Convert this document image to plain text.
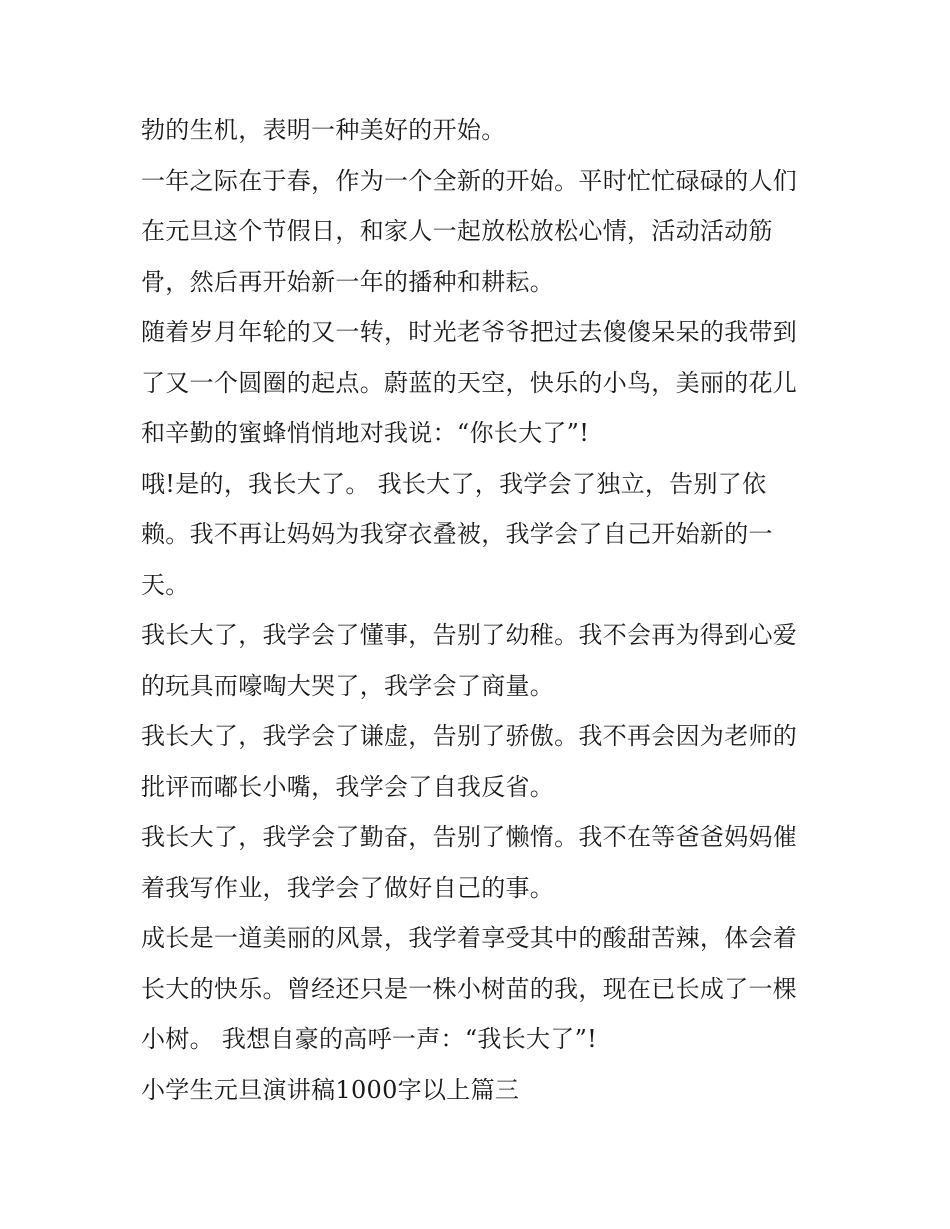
勃的生机，表明一种美好的开始。

一年之际在于春，作为一个全新的开始。平时忙忙碌碌的人们

在元旦这个节假日，和家人一起放松放松心情，活动活动筋

骨，然后再开始新一年的播种和耕耘。

随着岁月年轮的又一转，时光老爷爷把过去傻傻呆呆的我带到

了又一个圆圈的起点。蔚蓝的天空，快乐的小鸟，美丽的花儿

和辛勤的蜜蜂悄悄地对我说：“你长大了”!

哦!是的，我长大了。 我长大了，我学会了独立，告别了依

赖。我不再让妈妈为我穿衣叠被，我学会了自己开始新的一

天。

我长大了，我学会了懂事，告别了幼稚。我不会再为得到心爱

的玩具而嚎啕大哭了，我学会了商量。

我长大了，我学会了谦虚，告别了骄傲。我不再会因为老师的

批评而嘟长小嘴，我学会了自我反省。

我长大了，我学会了勤奋，告别了懒惰。我不在等爸爸妈妈催

着我写作业，我学会了做好自己的事。

成长是一道美丽的风景，我学着享受其中的酸甜苦辣，体会着

长大的快乐。曾经还只是一株小树苗的我，现在已长成了一棵

小树。 我想自豪的高呼一声：“我长大了”!

小学生元旦演讲稿1000字以上篇三
